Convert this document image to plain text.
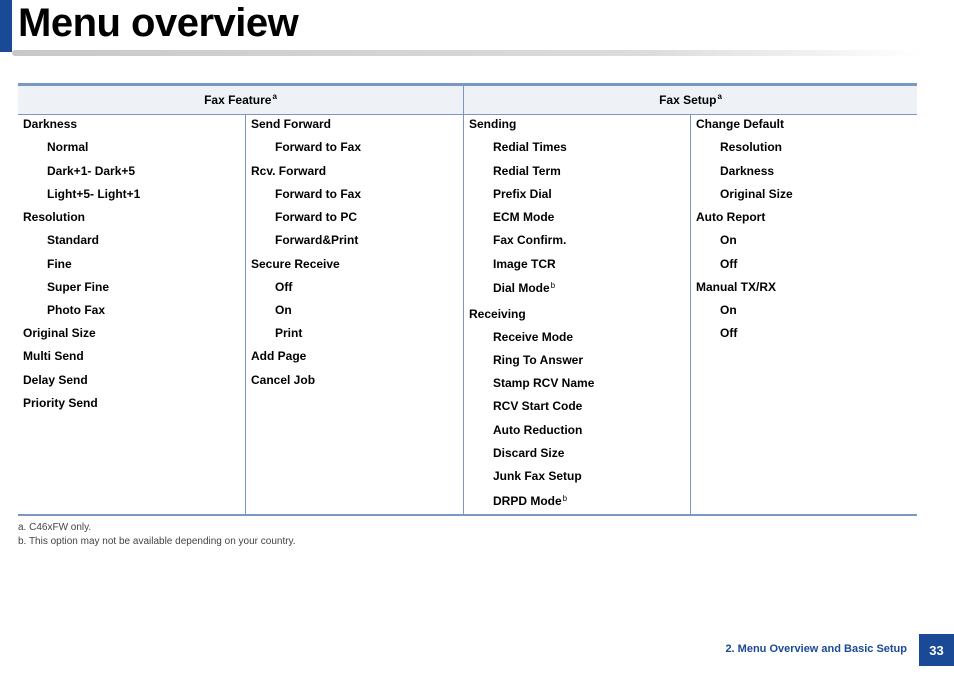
Menu overview
Fax Feature$^a$	Fax Setup$^a$
Darkness
Normal
Dark+1- Dark+5
Light+5- Light+1
Resolution
Standard
Fine
Super Fine
Photo Fax
Original Size
Multi Send
Delay Send
Priority Send
Send Forward
Forward to Fax
Rcv. Forward
Forward to Fax
Forward to PC
Forward&Print
Secure Receive
Off
On
Print
Add Page
Cancel Job
Sending
Redial Times
Redial Term
Prefix Dial
ECM Mode
Fax Confirm.
Image TCR
Dial Mode$^b$
Receiving
Receive Mode
Ring To Answer
Stamp RCV Name
RCV Start Code
Auto Reduction
Discard Size
Junk Fax Setup
DRPD Mode$^b$
Change Default
Resolution
Darkness
Original Size
Auto Report
On
Off
Manual TX/RX
On
Off
a. C46xFW only.
b. This option may not be available depending on your country.
2. Menu Overview and Basic Setup	33
